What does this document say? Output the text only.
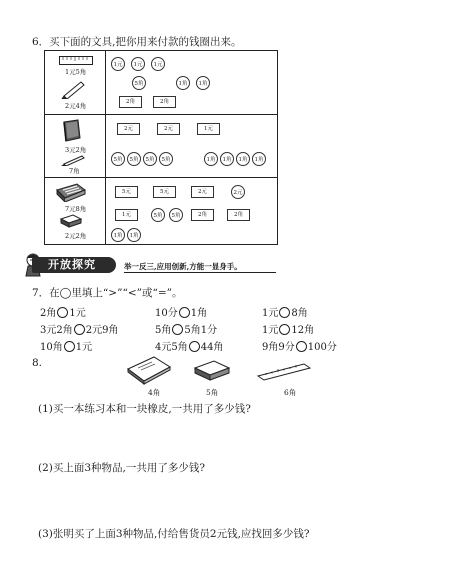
6．买下面的文具,把你用来付款的钱圈出来。
1元5角
2元4角
1元	1元	1元
5角	1角	1角
2角	2角
3元2角
7角
2元	2元	1元
5角	5角	5角	5角	1角	1角	1角	1角
7元8角
2元2角
5元	5元	2元	2元
1元	5角	5角	2角	2角
1角	1角
开放探究	举一反三,应用创新,方能一显身手。
7．在◯里填上“>”“<”或“=”。
2角 1元	10分 1角	1元 8角
3元2角 2元9角	5角 5角1分	1元 12角
10角 1元	4元5角 44角	9角9分 100分
8.
4角	5角	6角
(1)买一本练习本和一块橡皮,一共用了多少钱?
(2)买上面3种物品,一共用了多少钱?
(3)张明买了上面3种物品,付给售货员2元钱,应找回多少钱?
